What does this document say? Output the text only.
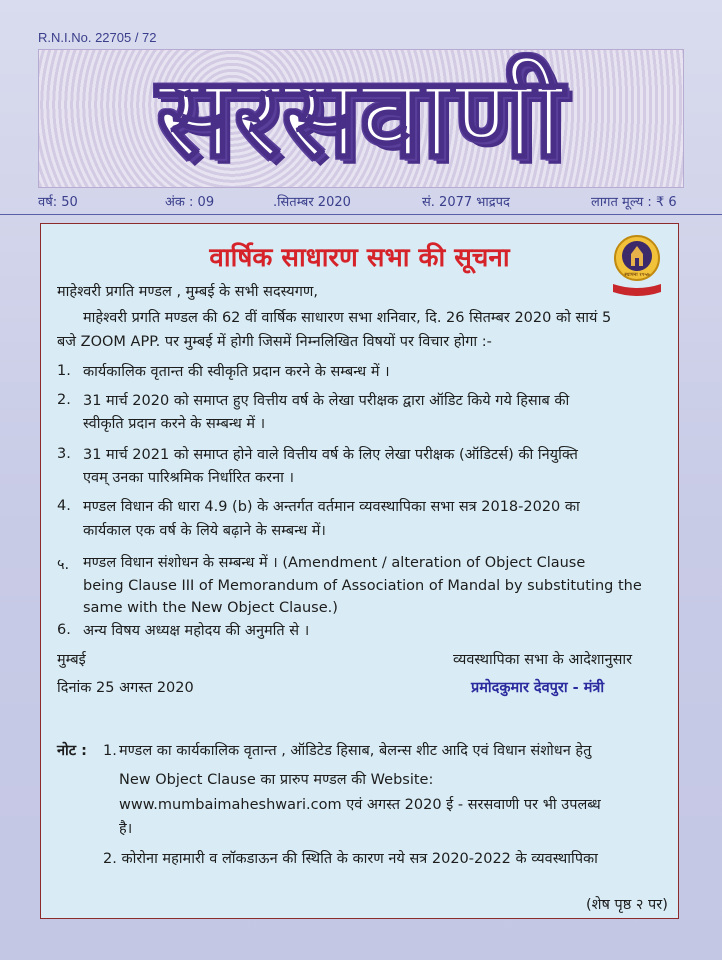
R.N.I.No. 22705 / 72
सरसवाणी
वर्ष: 50	अंक : 09	.सितम्बर 2020	सं. 2077 भाद्रपद	लागत मूल्य : ₹ 6
वार्षिक साधारण सभा की सूचना
स्थापना १९५७
माहेश्वरी प्रगति मण्डल , मुम्बई के सभी सदस्यगण,
माहेश्वरी प्रगति मण्डल की 62 वीं वार्षिक साधारण सभा शनिवार, दि. 26 सितम्बर 2020 को सायं 5
बजे ZOOM APP. पर मुम्बई में होगी जिसमें निम्नलिखित विषयों पर विचार होगा :-
1. कार्यकालिक वृतान्त की स्वीकृति प्रदान करने के सम्बन्ध में ।
2. 31 मार्च 2020 को समाप्त हुए वित्तीय वर्ष के लेखा परीक्षक द्वारा ऑडिट किये गये हिसाब की
स्वीकृति प्रदान करने के सम्बन्ध में ।
3. 31 मार्च 2021 को समाप्त होने वाले वित्तीय वर्ष के लिए लेखा परीक्षक (ऑडिटर्स) की नियुक्ति
एवम् उनका पारिश्रमिक निर्धारित करना ।
4. मण्डल विधान की धारा 4.9 (b) के अन्तर्गत वर्तमान व्यवस्थापिका सभा सत्र 2018-2020 का
कार्यकाल एक वर्ष के लिये बढ़ाने के सम्बन्ध में।
५. मण्डल विधान संशोधन के सम्बन्ध में । (Amendment / alteration of Object Clause
being Clause III of Memorandum of Association of Mandal by substituting the
same with the New Object Clause.)
6. अन्य विषय अध्यक्ष महोदय की अनुमति से ।
मुम्बई	व्यवस्थापिका सभा के आदेशानुसार
दिनांक 25 अगस्त 2020	प्रमोदकुमार देवपुरा - मंत्री
नोट : 1. मण्डल का कार्यकालिक वृतान्त , ऑडिटेड हिसाब, बेलन्स शीट आदि एवं विधान संशोधन हेतु
New Object Clause का प्रारुप मण्डल की Website:
www.mumbaimaheshwari.com एवं अगस्त 2020 ई - सरसवाणी पर भी उपलब्ध
है।
2. कोरोना महामारी व लॉकडाऊन की स्थिति के कारण नये सत्र 2020-2022 के व्यवस्थापिका
(शेष पृष्ठ २ पर)
